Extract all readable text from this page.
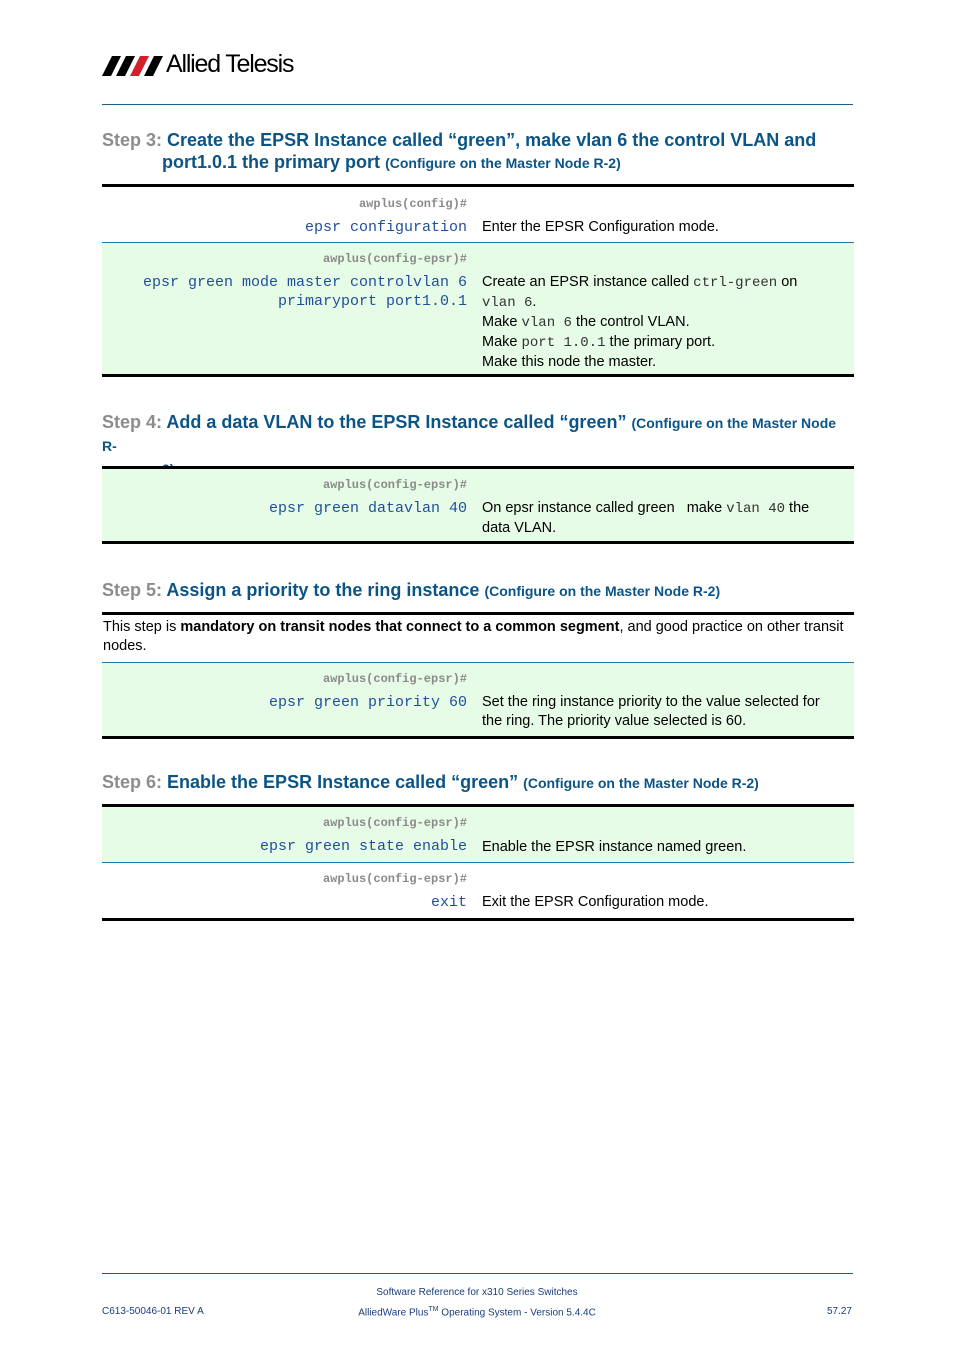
Allied Telesis
Step 3: Create the EPSR Instance called “green”, make vlan 6 the control VLAN and
port1.0.1 the primary port (Configure on the Master Node R-2)
awplus(config)#
epsr configuration Enter the EPSR Configuration mode.
awplus(config-epsr)#
epsr green mode master controlvlan 6
primaryport port1.0.1
Create an EPSR instance called ctrl-green on
vlan 6.
Make vlan 6 the control VLAN.
Make port 1.0.1 the primary port.
Make this node the master.
Step 4: Add a data VLAN to the EPSR Instance called “green” (Configure on the Master Node R-
awplus(config-epsr)#
epsr green datavlan 40 On epsr instance called green   make vlan 40 the
data VLAN.
Step 5: Assign a priority to the ring instance (Configure on the Master Node R-2)
This step is mandatory on transit nodes that connect to a common segment, and good practice on other transit nodes.
awplus(config-epsr)#
epsr green priority 60 Set the ring instance priority to the value selected for
the ring. The priority value selected is 60.
Step 6: Enable the EPSR Instance called “green” (Configure on the Master Node R-2)
awplus(config-epsr)#
epsr green state enable Enable the EPSR instance named green.
awplus(config-epsr)#
exit Exit the EPSR Configuration mode.
Software Reference for x310 Series Switches
C613-50046-01 REV A	AlliedWare Plus™ Operating System - Version 5.4.4C	57.27
